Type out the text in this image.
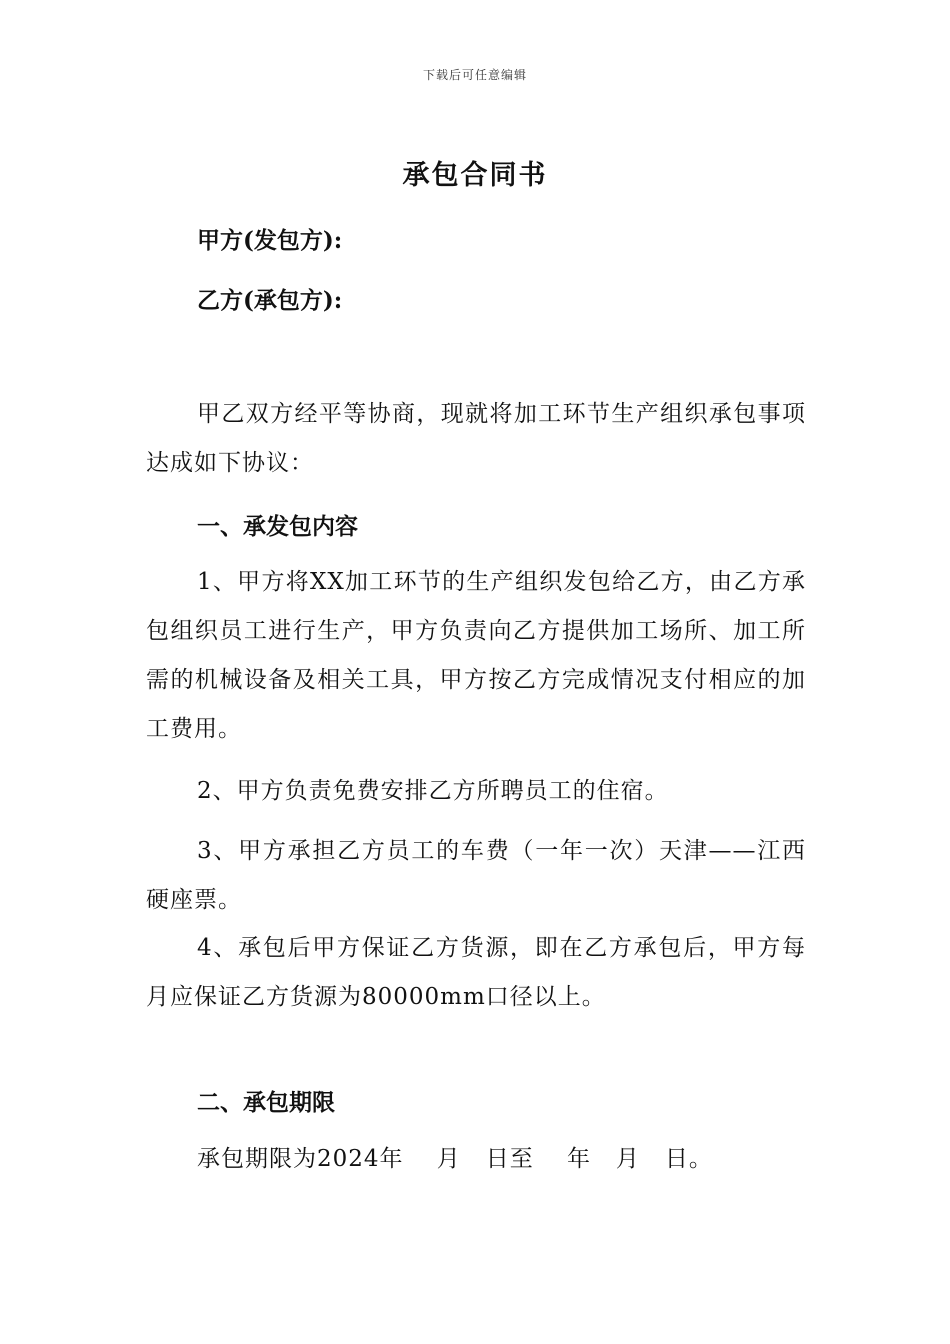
下载后可任意编辑
承包合同书
甲方(发包方):
乙方(承包方):
甲乙双方经平等协商，现就将加工环节生产组织承包事项达成如下协议：
一、承发包内容
1、甲方将XX加工环节的生产组织发包给乙方，由乙方承包组织员工进行生产，甲方负责向乙方提供加工场所、加工所需的机械设备及相关工具，甲方按乙方完成情况支付相应的加工费用。
2、甲方负责免费安排乙方所聘员工的住宿。
3、甲方承担乙方员工的车费（一年一次）天津——江西硬座票。
4、承包后甲方保证乙方货源，即在乙方承包后，甲方每月应保证乙方货源为80000mm口径以上。
二、承包期限
承包期限为2024年    月   日至    年   月   日。
